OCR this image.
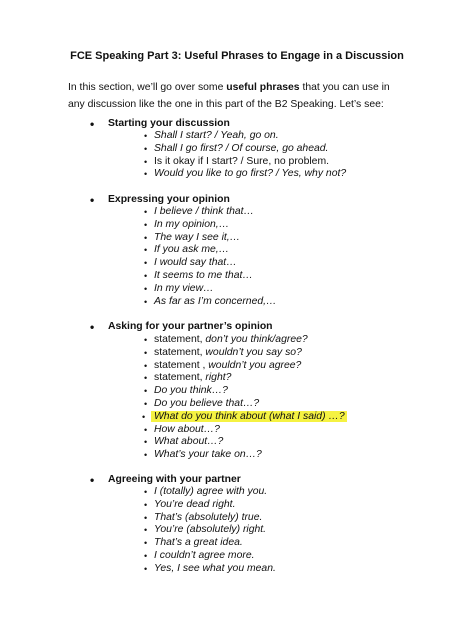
FCE Speaking Part 3: Useful Phrases to Engage in a Discussion
In this section, we’ll go over some useful phrases that you can use in any discussion like the one in this part of the B2 Speaking. Let’s see:
• Starting your discussion
• Shall I start? / Yeah, go on.
• Shall I go first? / Of course, go ahead.
• Is it okay if I start? / Sure, no problem.
• Would you like to go first? / Yes, why not?
• Expressing your opinion
• I believe / think that…
• In my opinion,…
• The way I see it,…
• If you ask me,…
• I would say that…
• It seems to me that…
• In my view…
• As far as I’m concerned,…
• Asking for your partner’s opinion
• statement, don’t you think/agree?
• statement, wouldn’t you say so?
• statement , wouldn’t you agree?
• statement, right?
• Do you think…?
• Do you believe that…?
• What do you think about (what I said) …?
• How about…?
• What about…?
• What’s your take on…?
• Agreeing with your partner
• I (totally) agree with you.
• You’re dead right.
• That’s (absolutely) true.
• You’re (absolutely) right.
• That’s a great idea.
• I couldn’t agree more.
• Yes, I see what you mean.
